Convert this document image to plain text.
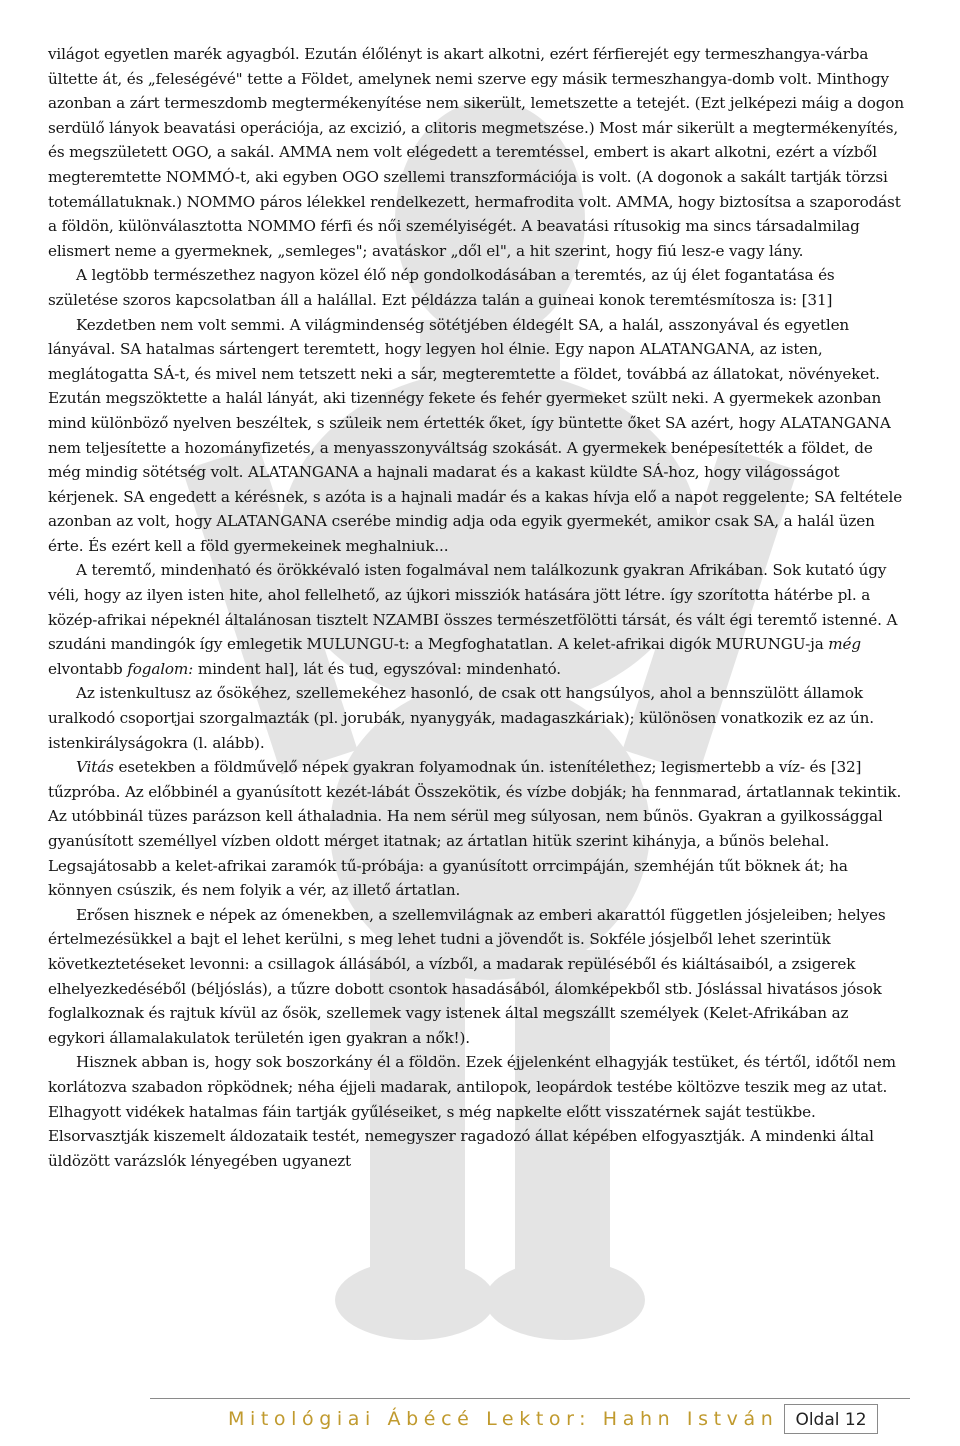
világot egyetlen marék agyagból. Ezután élőlényt is akart alkotni, ezért férfierejét egy termeszhangya-várba ültette át, és „feleségévé" tette a Földet, amelynek nemi szerve egy másik termeszhangya-domb volt. Minthogy azonban a zárt termeszdomb megtermékenyítése nem sikerült, lemetszette a tetejét. (Ezt jelképezi máig a dogon serdülő lányok beavatási operációja, az excizió, a clitoris megmetszése.) Most már sikerült a megtermékenyítés, és megszületett OGO, a sakál. AMMA nem volt elégedett a teremtéssel, embert is akart alkotni, ezért a vízből megteremtette NOMMÓ-t, aki egyben OGO szellemi transzformációja is volt. (A dogonok a sakált tartják törzsi totemállatuknak.) NOMMO páros lélekkel rendelkezett, hermafrodita volt. AMMA, hogy biztosítsa a szaporodást a földön, különválasztotta NOMMO férfi és női személyiségét. A beavatási rítusokig ma sincs társadalmilag elismert neme a gyermeknek, „semleges"; avatáskor „dől el", a hit szerint, hogy fiú lesz-e vagy lány.

A legtöbb természethez nagyon közel élő nép gondolkodásában a teremtés, az új élet fogantatása és születése szoros kapcsolatban áll a halállal. Ezt példázza talán a guineai konok teremtésmítosza is: [31]

Kezdetben nem volt semmi. A világmindenség sötétjében éldegélt SA, a halál, asszonyával és egyetlen lányával. SA hatalmas sártengert teremtett, hogy legyen hol élnie. Egy napon ALATANGANA, az isten, meglátogatta SÁ-t, és mivel nem tetszett neki a sár, megteremtette a földet, továbbá az állatokat, növényeket. Ezután megszöktette a halál lányát, aki tizennégy fekete és fehér gyermeket szült neki. A gyermekek azonban mind különböző nyelven beszéltek, s szüleik nem értették őket, így büntette őket SA azért, hogy ALATANGANA nem teljesítette a hozományfizetés, a menyasszonyváltság szokását. A gyermekek benépesítették a földet, de még mindig sötétség volt. ALATANGANA a hajnali madarat és a kakast küldte SÁ-hoz, hogy világosságot kérjenek. SA engedett a kérésnek, s azóta is a hajnali madár és a kakas hívja elő a napot reggelente; SA feltétele azonban az volt, hogy ALATANGANA cserébe mindig adja oda egyik gyermekét, amikor csak SA, a halál üzen érte. És ezért kell a föld gyermekeinek meghalniuk...

A teremtő, mindenható és örökkévaló isten fogalmával nem találkozunk gyakran Afrikában. Sok kutató úgy véli, hogy az ilyen isten hite, ahol fellelhető, az újkori missziók hatására jött létre. így szorította hátérbe pl. a közép-afrikai népeknél általánosan tisztelt NZAMBI összes természetfölötti társát, és vált égi teremtő istenné. A szudáni mandingók így emlegetik MULUNGU-t: a Megfoghatatlan. A kelet-afrikai digók MURUNGU-ja még elvontabb fogalom: mindent hal], lát és tud, egyszóval: mindenható.

Az istenkultusz az ősökéhez, szellemekéhez hasonló, de csak ott hangsúlyos, ahol a bennszülött államok uralkodó csoportjai szorgalmazták (pl. jorubák, nyanygyák, madagaszkáriak); különösen vonatkozik ez az ún. istenkirályságokra (l. alább).

Vitás esetekben a földművelő népek gyakran folyamodnak ún. istenítélethez; legismertebb a víz- és [32] tűzpróba. Az előbbinél a gyanúsított kezét-lábát Összekötik, és vízbe dobják; ha fennmarad, ártatlannak tekintik. Az utóbbinál tüzes parázson kell áthaladnia. Ha nem sérül meg súlyosan, nem bűnös. Gyakran a gyilkossággal gyanúsított személlyel vízben oldott mérget itatnak; az ártatlan hitük szerint kihányja, a bűnös belehal. Legsajátosabb a kelet-afrikai zaramók tű-próbája: a gyanúsított orrcimpáján, szemhéján tűt böknek át; ha könnyen csúszik, és nem folyik a vér, az illető ártatlan.

Erősen hisznek e népek az ómenekben, a szellemvilágnak az emberi akarattól független jósjeleiben; helyes értelmezésükkel a bajt el lehet kerülni, s meg lehet tudni a jövendőt is. Sokféle jósjelből lehet szerintük következtetéseket levonni: a csillagok állásából, a vízből, a madarak repüléséből és kiáltásaiból, a zsigerek elhelyezkedéséből (béljóslás), a tűzre dobott csontok hasadásából, álomképekből stb. Jóslással hivatásos jósok foglalkoznak és rajtuk kívül az ősök, szellemek vagy istenek által megszállt személyek (Kelet-Afrikában az egykori államalakulatok területén igen gyakran a nők!).

Hisznek abban is, hogy sok boszorkány él a földön. Ezek éjjelenként elhagyják testüket, és tértől, időtől nem korlátozva szabadon röpködnek; néha éjjeli madarak, antilopok, leopárdok testébe költözve teszik meg az utat. Elhagyott vidékek hatalmas fáin tartják gyűléseiket, s még napkelte előtt visszatérnek saját testükbe. Elsorvasztják kiszemelt áldozataik testét, nemegyszer ragadozó állat képében elfogyasztják. A mindenki által üldözött varázslók lényegében ugyanezt

Mitológiai Ábécé Lektor: Hahn István	Oldal 12
